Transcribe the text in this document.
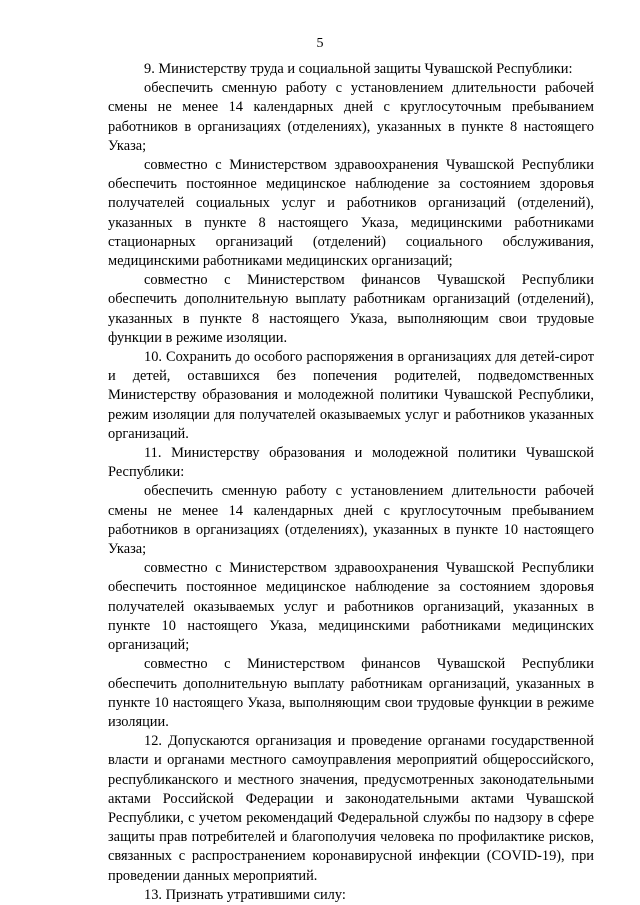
5

9. Министерству труда и социальной защиты Чувашской Республики:

обеспечить сменную работу с установлением длительности рабочей смены не менее 14 календарных дней с круглосуточным пребыванием работников в организациях (отделениях), указанных в пункте 8 настоящего Указа;

совместно с Министерством здравоохранения Чувашской Республики обеспечить постоянное медицинское наблюдение за состоянием здоровья получателей социальных услуг и работников организаций (отделений), указанных в пункте 8 настоящего Указа, медицинскими работниками стационарных организаций (отделений) социального обслуживания, медицинскими работниками медицинских организаций;

совместно с Министерством финансов Чувашской Республики обеспечить дополнительную выплату работникам организаций (отделений), указанных в пункте 8 настоящего Указа, выполняющим свои трудовые функции в режиме изоляции.

10. Сохранить до особого распоряжения в организациях для детей-сирот и детей, оставшихся без попечения родителей, подведомственных Министерству образования и молодежной политики Чувашской Республики, режим изоляции для получателей оказываемых услуг и работников указанных организаций.

11. Министерству образования и молодежной политики Чувашской Республики:

обеспечить сменную работу с установлением длительности рабочей смены не менее 14 календарных дней с круглосуточным пребыванием работников в организациях (отделениях), указанных в пункте 10 настоящего Указа;

совместно с Министерством здравоохранения Чувашской Республики обеспечить постоянное медицинское наблюдение за состоянием здоровья получателей оказываемых услуг и работников организаций, указанных в пункте 10 настоящего Указа, медицинскими работниками медицинских организаций;

совместно с Министерством финансов Чувашской Республики обеспечить дополнительную выплату работникам организаций, указанных в пункте 10 настоящего Указа, выполняющим свои трудовые функции в режиме изоляции.

12. Допускаются организация и проведение органами государственной власти и органами местного самоуправления мероприятий общероссийского, республиканского и местного значения, предусмотренных законодательными актами Российской Федерации и законодательными актами Чувашской Республики, с учетом рекомендаций Федеральной службы по надзору в сфере защиты прав потребителей и благополучия человека по профилактике рисков, связанных с распространением коронавирусной инфекции (COVID-19), при проведении данных мероприятий.

13. Признать утратившими силу:
